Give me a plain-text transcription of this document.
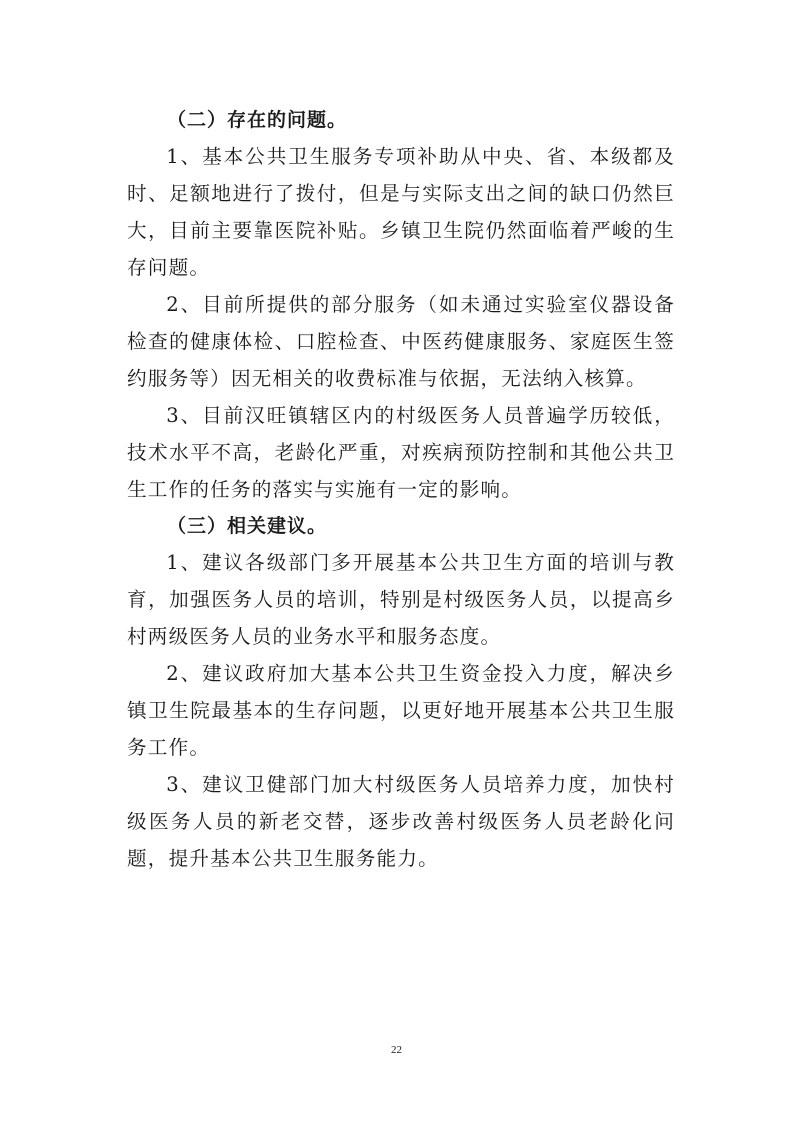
（二）存在的问题。

1、基本公共卫生服务专项补助从中央、省、本级都及时、足额地进行了拨付，但是与实际支出之间的缺口仍然巨大，目前主要靠医院补贴。乡镇卫生院仍然面临着严峻的生存问题。

2、目前所提供的部分服务（如未通过实验室仪器设备检查的健康体检、口腔检查、中医药健康服务、家庭医生签约服务等）因无相关的收费标准与依据，无法纳入核算。

3、目前汉旺镇辖区内的村级医务人员普遍学历较低，技术水平不高，老龄化严重，对疾病预防控制和其他公共卫生工作的任务的落实与实施有一定的影响。

（三）相关建议。

1、建议各级部门多开展基本公共卫生方面的培训与教育，加强医务人员的培训，特别是村级医务人员，以提高乡村两级医务人员的业务水平和服务态度。

2、建议政府加大基本公共卫生资金投入力度，解决乡镇卫生院最基本的生存问题，以更好地开展基本公共卫生服务工作。

3、建议卫健部门加大村级医务人员培养力度，加快村级医务人员的新老交替，逐步改善村级医务人员老龄化问题，提升基本公共卫生服务能力。

22
